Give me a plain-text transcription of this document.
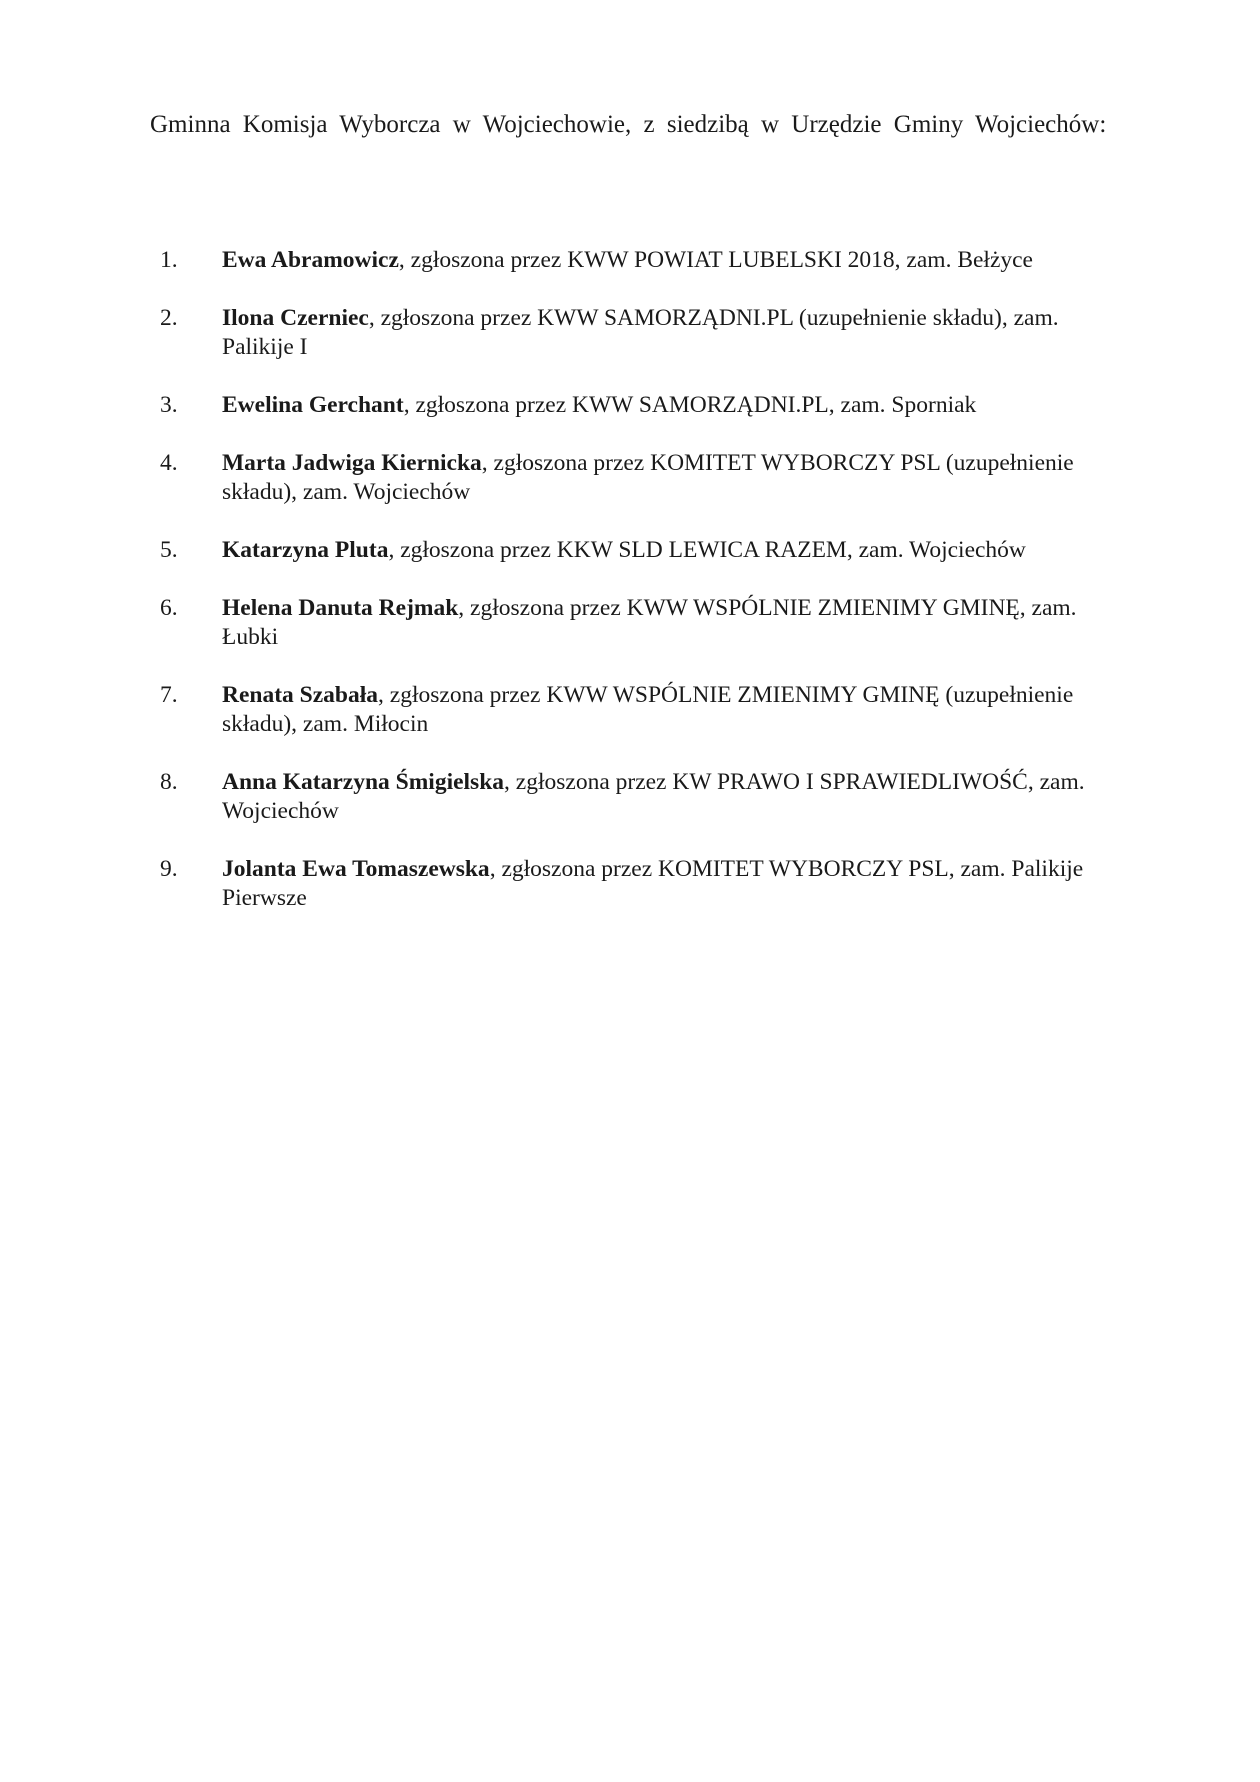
Gminna Komisja Wyborcza w Wojciechowie, z siedzibą w Urzędzie Gminy Wojciechów:

1.	Ewa Abramowicz, zgłoszona przez KWW POWIAT LUBELSKI 2018, zam. Bełżyce
2.	Ilona Czerniec, zgłoszona przez KWW SAMORZĄDNI.PL (uzupełnienie składu), zam. Palikije I
3.	Ewelina Gerchant, zgłoszona przez KWW SAMORZĄDNI.PL, zam. Sporniak
4.	Marta Jadwiga Kiernicka, zgłoszona przez KOMITET WYBORCZY PSL (uzupełnienie składu), zam. Wojciechów
5.	Katarzyna Pluta, zgłoszona przez KKW SLD LEWICA RAZEM, zam. Wojciechów
6.	Helena Danuta Rejmak, zgłoszona przez KWW WSPÓLNIE ZMIENIMY GMINĘ, zam. Łubki
7.	Renata Szabała, zgłoszona przez KWW WSPÓLNIE ZMIENIMY GMINĘ (uzupełnienie składu), zam. Miłocin
8.	Anna Katarzyna Śmigielska, zgłoszona przez KW PRAWO I SPRAWIEDLIWOŚĆ, zam. Wojciechów
9.	Jolanta Ewa Tomaszewska, zgłoszona przez KOMITET WYBORCZY PSL, zam. Palikije Pierwsze
